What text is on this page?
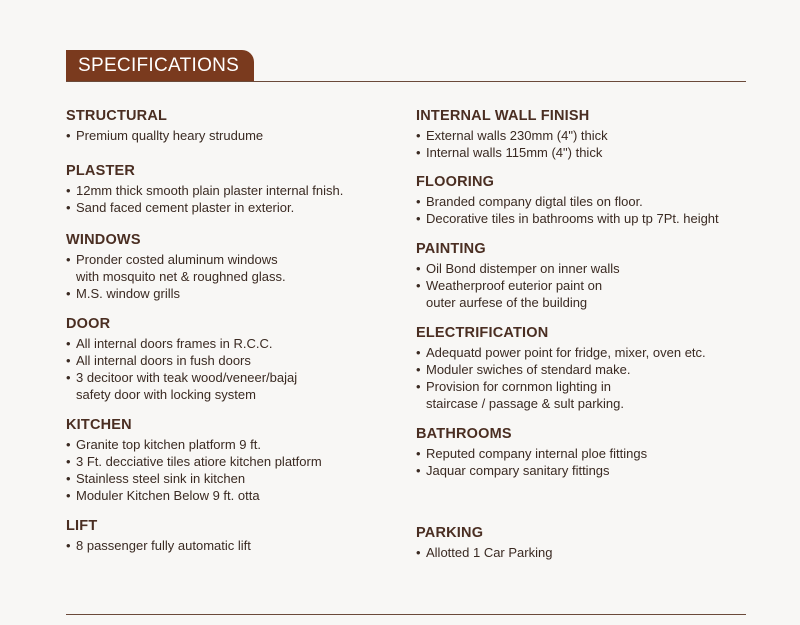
SPECIFICATIONS
STRUCTURAL
• Premium quallty heary strudume
PLASTER
• 12mm thick smooth plain plaster internal fnish.
• Sand faced cement plaster in exterior.
WINDOWS
• Pronder costed aluminum windows
with mosquito net & roughned glass.
• M.S. window grills
DOOR
• All internal doors frames in R.C.C.
• All internal doors in fush doors
• 3 decitoor with teak wood/veneer/bajaj
safety door with locking system
KITCHEN
• Granite top kitchen platform 9 ft.
• 3 Ft. decciative tiles atiore kitchen platform
• Stainless steel sink in kitchen
• Moduler Kitchen Below 9 ft. otta
LIFT
• 8 passenger fully automatic lift
INTERNAL WALL FINISH
• External walls 230mm (4") thick
• Internal walls 115mm (4") thick
FLOORING
• Branded company digtal tiles on floor.
• Decorative tiles in bathrooms with up tp 7Pt. height
PAINTING
• Oil Bond distemper on inner walls
• Weatherproof euterior paint on
outer aurfese of the building
ELECTRIFICATION
• Adequatd power point for fridge, mixer, oven etc.
• Moduler swiches of stendard make.
• Provision for cornmon lighting in
staircase / passage & sult parking.
BATHROOMS
• Reputed company internal ploe fittings
• Jaquar compary sanitary fittings
PARKING
• Allotted 1 Car Parking
